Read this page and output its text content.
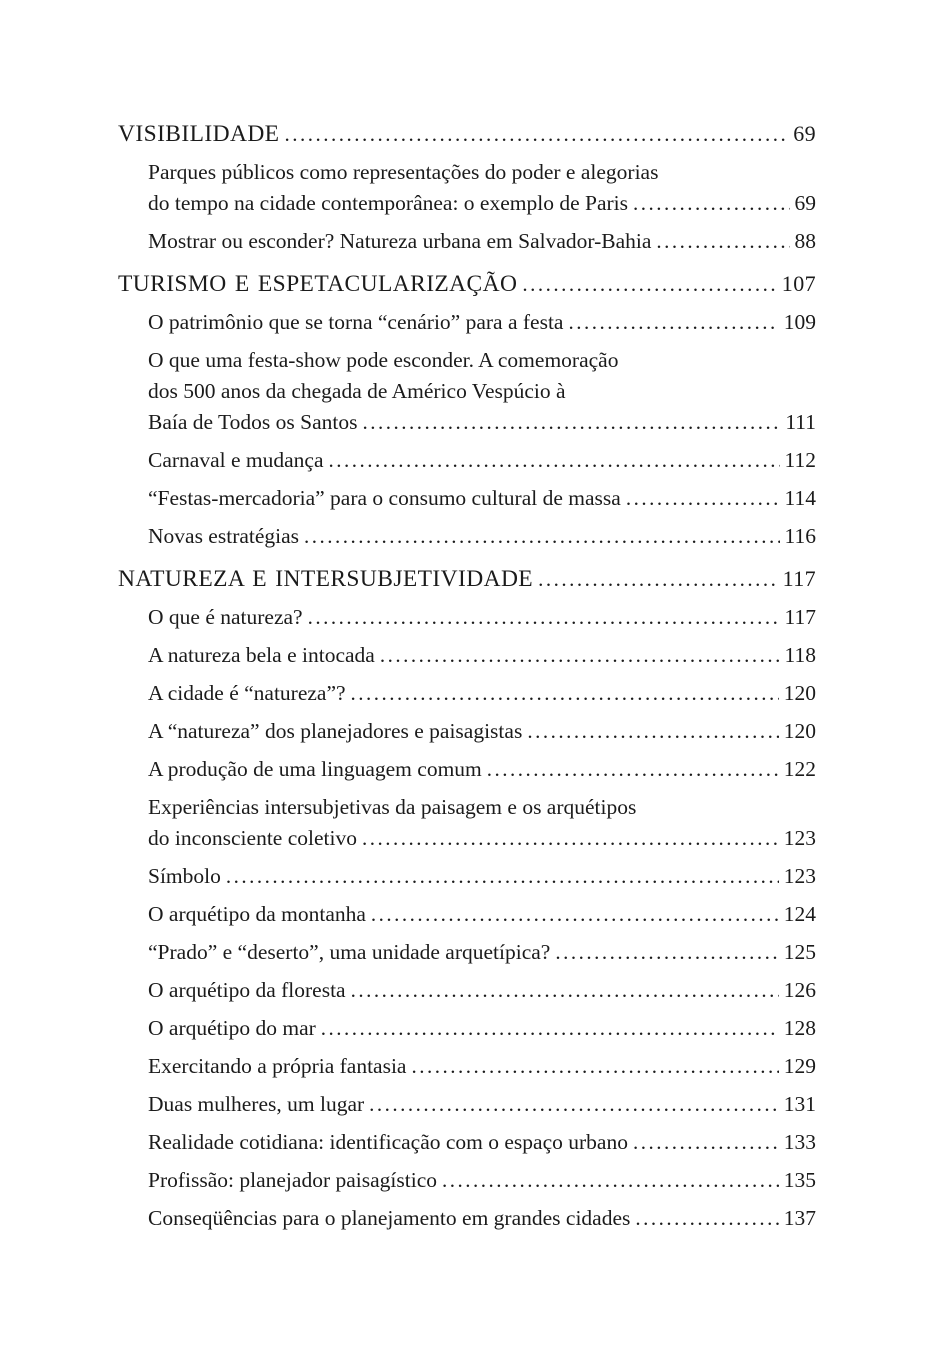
VISIBILIDADE .....	69
Parques públicos como representações do poder e alegorias
do tempo na cidade contemporânea: o exemplo de Paris .....	69
Mostrar ou esconder? Natureza urbana em Salvador-Bahia .....	88
TURISMO E ESPETACULARIZAÇÃO .....	107
O patrimônio que se torna “cenário” para a festa .....	109
O que uma festa-show pode esconder. A comemoração
dos 500 anos da chegada de Américo Vespúcio à
Baía de Todos os Santos .....	111
Carnaval e mudança .....	112
“Festas-mercadoria” para o consumo cultural de massa .....	114
Novas estratégias .....	116
NATUREZA E INTERSUBJETIVIDADE .....	117
O que é natureza? .....	117
A natureza bela e intocada .....	118
A cidade é “natureza”? .....	120
A “natureza” dos planejadores e paisagistas .....	120
A produção de uma linguagem comum .....	122
Experiências intersubjetivas da paisagem e os arquétipos
do inconsciente coletivo .....	123
Símbolo .....	123
O arquétipo da montanha .....	124
“Prado” e “deserto”, uma unidade arquetípica? .....	125
O arquétipo da floresta .....	126
O arquétipo do mar .....	128
Exercitando a própria fantasia .....	129
Duas mulheres, um lugar .....	131
Realidade cotidiana: identificação com o espaço urbano .....	133
Profissão: planejador paisagístico .....	135
Conseqüências para o planejamento em grandes cidades .....	137
